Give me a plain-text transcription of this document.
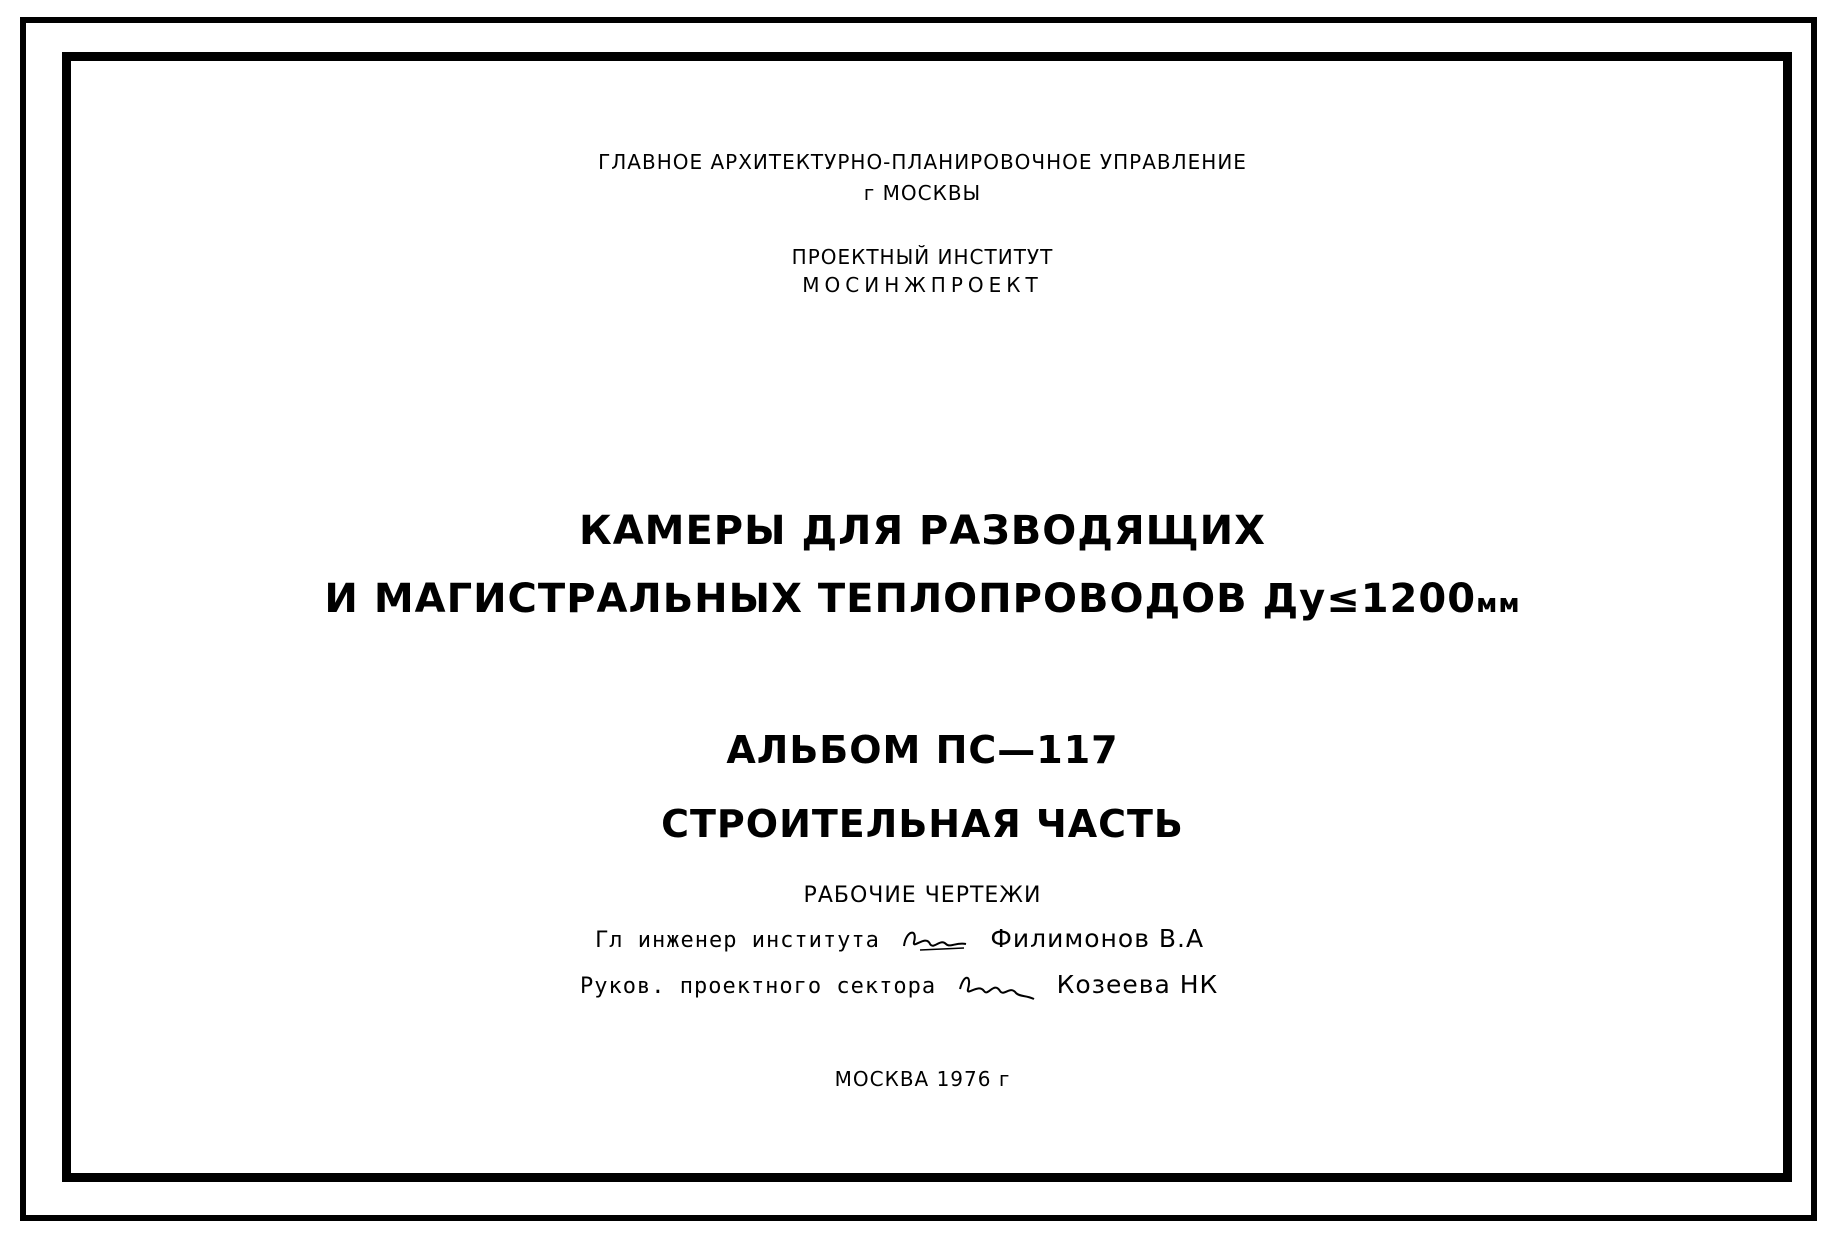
ГЛАВНОЕ АРХИТЕКТУРНО-ПЛАНИРОВОЧНОЕ УПРАВЛЕНИЕ
г МОСКВЫ
ПРОЕКТНЫЙ ИНСТИТУТ
МОСИНЖПРОЕКТ
КАМЕРЫ ДЛЯ РАЗВОДЯЩИХ
И МАГИСТРАЛЬНЫХ ТЕПЛОПРОВОДОВ Ду≤1200мм
АЛЬБОМ ПС—117
СТРОИТЕЛЬНАЯ ЧАСТЬ
РАБОЧИЕ ЧЕРТЕЖИ
Гл инженер института	Филимонов В.А
Руков. проектного сектора	Козеева НК
МОСКВА 1976 г
